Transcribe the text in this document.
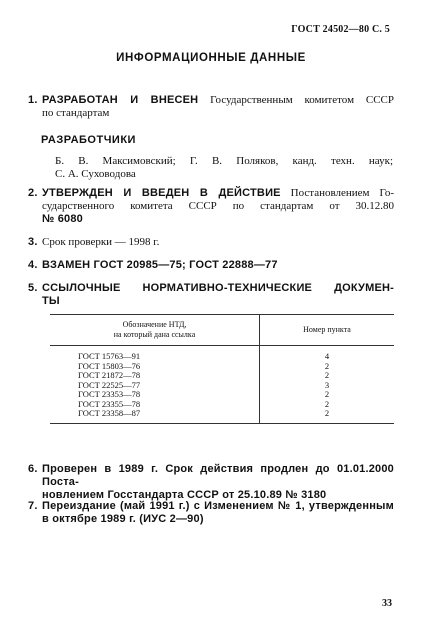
ГОСТ 24502—80 С. 5
ИНФОРМАЦИОННЫЕ ДАННЫЕ
1. РАЗРАБОТАН И ВНЕСЕН Государственным комитетом СССР
по стандартам
РАЗРАБОТЧИКИ
Б. В. Максимовский; Г. В. Поляков, канд. техн. наук;
С. А. Суховодова
2. УТВЕРЖДЕН И ВВЕДЕН В ДЕЙСТВИЕ Постановлением Го-
сударственного комитета СССР по стандартам от 30.12.80
№ 6080
3. Срок проверки — 1998 г.
4. ВЗАМЕН ГОСТ 20985—75; ГОСТ 22888—77
5. ССЫЛОЧНЫЕ НОРМАТИВНО-ТЕХНИЧЕСКИЕ ДОКУМЕН-
ТЫ
Обозначение НТД,
на который дана ссылка	Номер пункта
ГОСТ 15763—91	4
ГОСТ 15803—76	2
ГОСТ 21872—78	2
ГОСТ 22525—77	3
ГОСТ 23353—78	2
ГОСТ 23355—78	2
ГОСТ 23358—87	2
6. Проверен в 1989 г. Срок действия продлен до 01.01.2000 Поста-
новлением Госстандарта СССР от 25.10.89 № 3180
7. Переиздание (май 1991 г.) с Изменением № 1, утвержденным
в октябре 1989 г. (ИУС 2—90)
33
